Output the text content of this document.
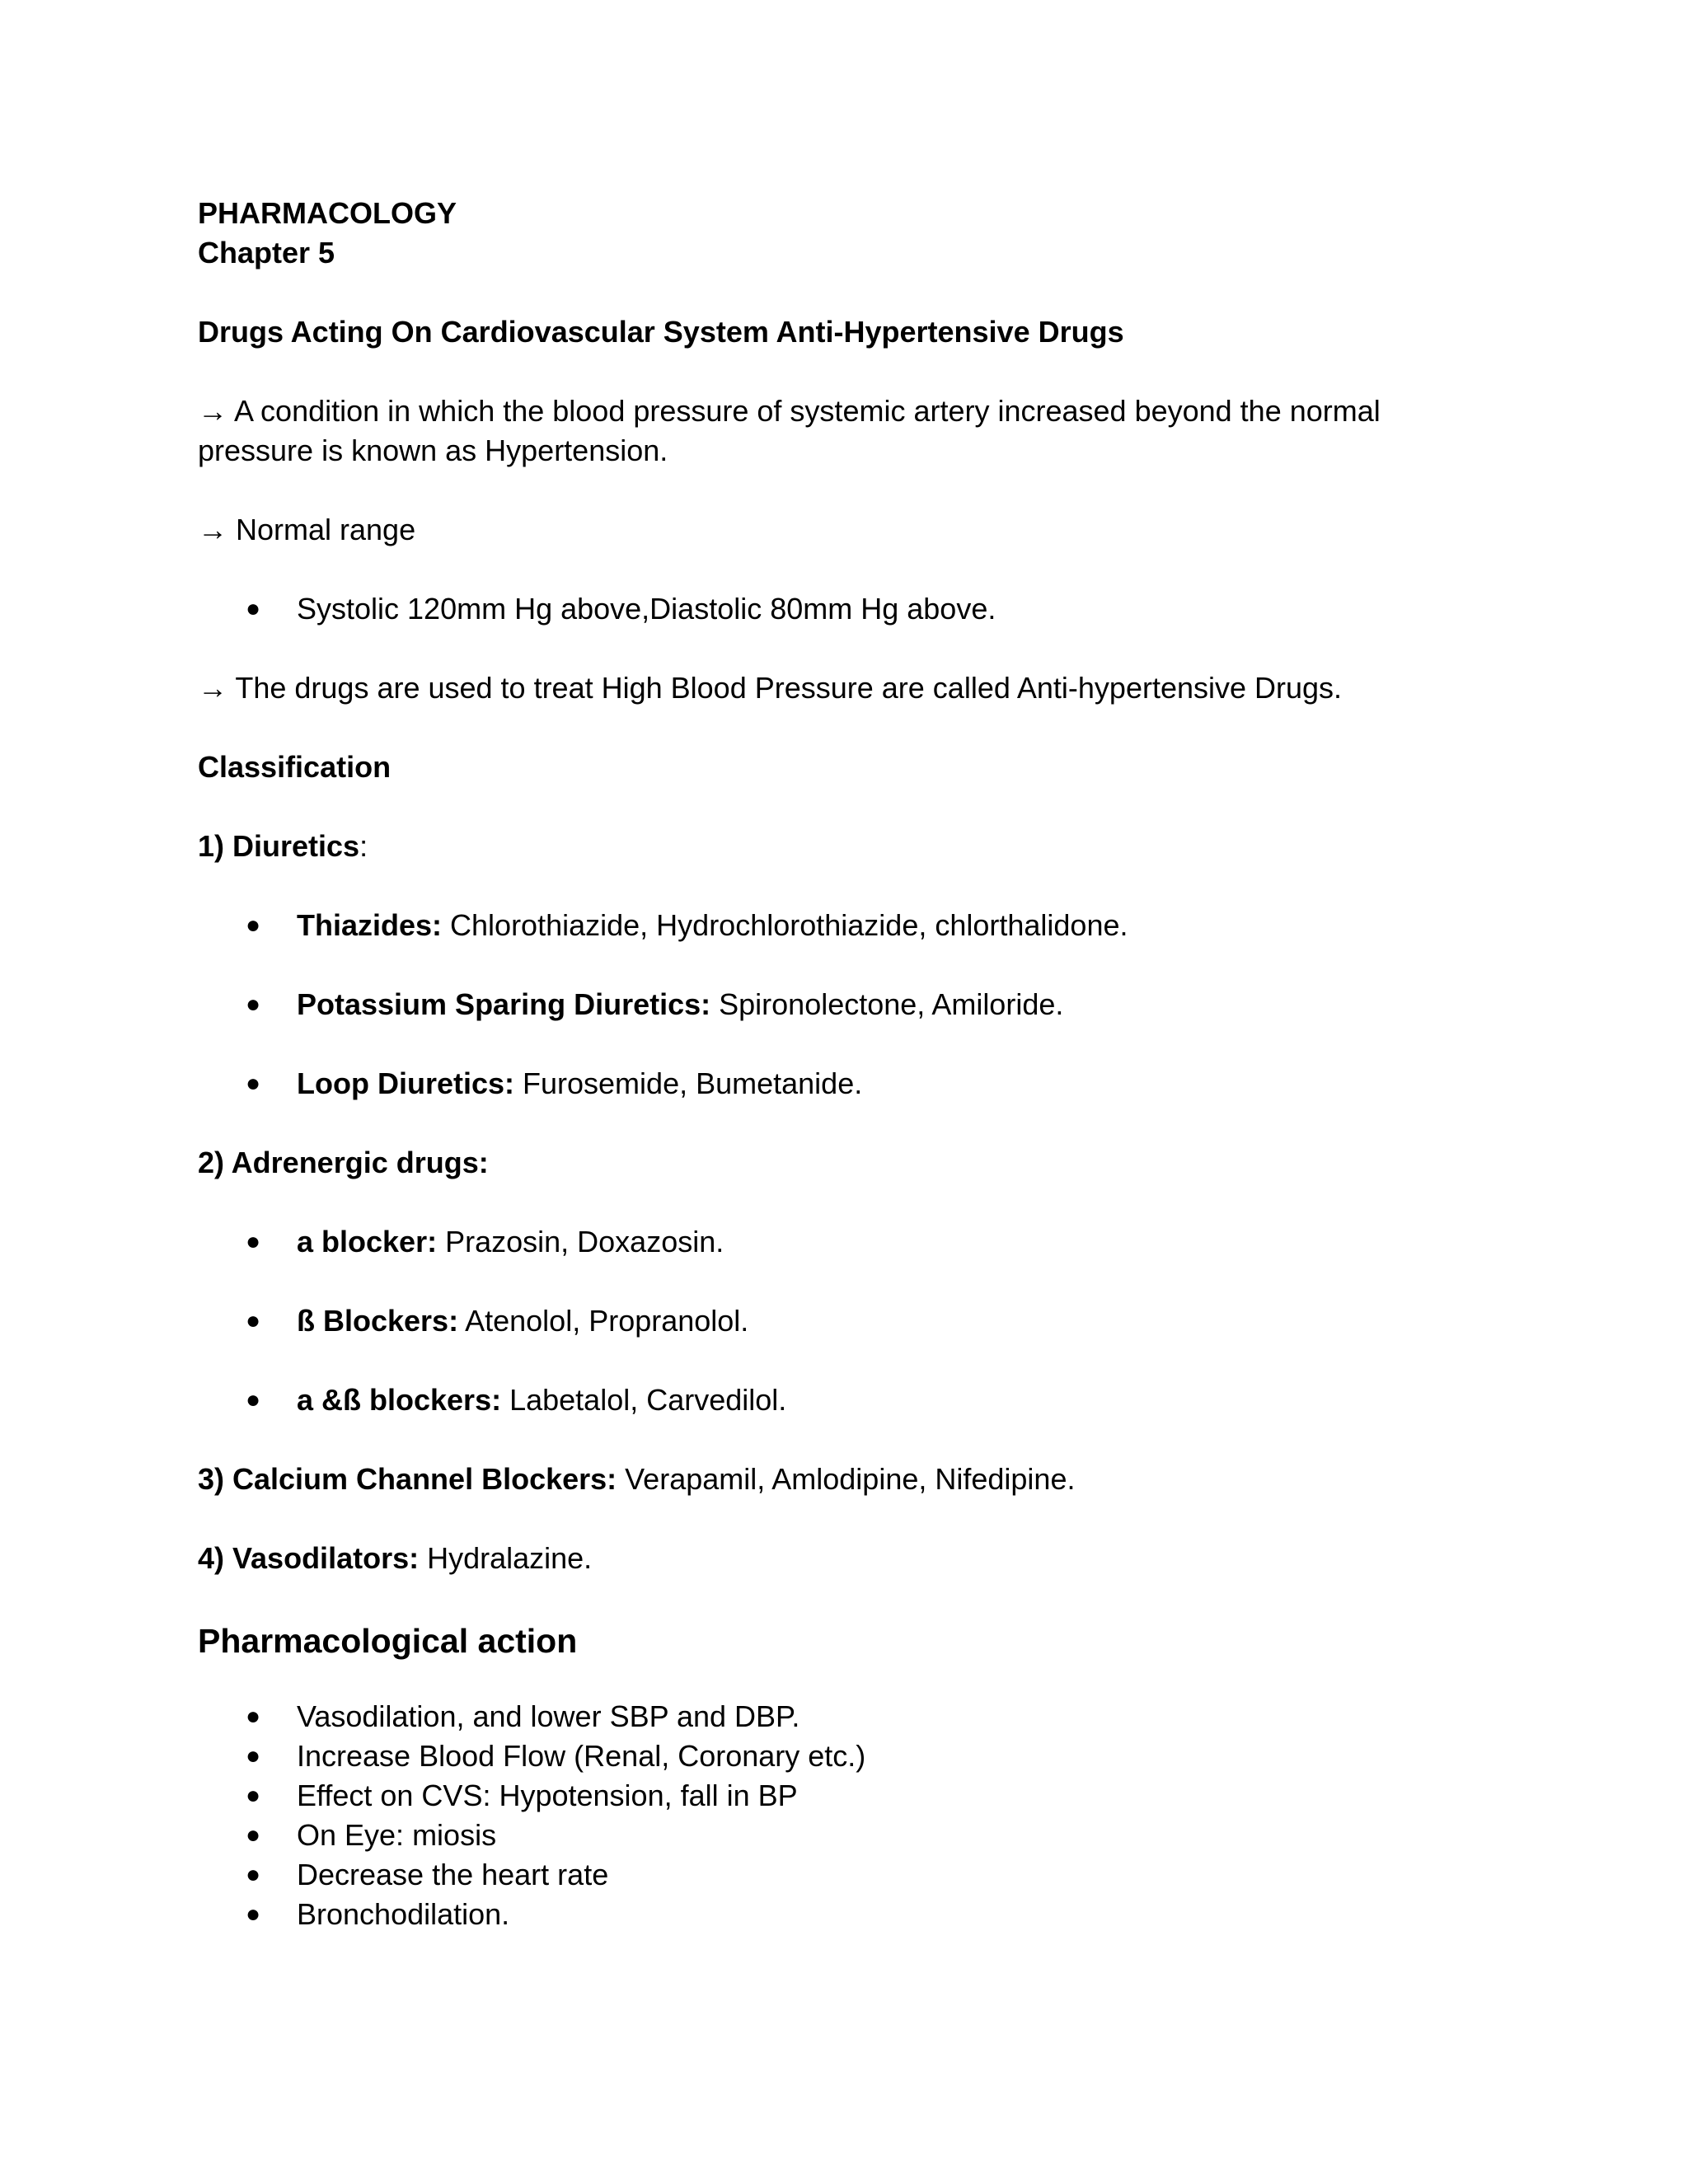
PHARMACOLOGY

Chapter 5

Drugs Acting On Cardiovascular System Anti-Hypertensive Drugs

→ A condition in which the blood pressure of systemic artery increased beyond the normal

pressure is known as Hypertension.

→ Normal range

● Systolic 120mm Hg above,Diastolic 80mm Hg above.

→ The drugs are used to treat High Blood Pressure are called Anti-hypertensive Drugs.

Classification

1) Diuretics:

● Thiazides: Chlorothiazide, Hydrochlorothiazide, chlorthalidone.

● Potassium Sparing Diuretics: Spironolectone, Amiloride.

● Loop Diuretics: Furosemide, Bumetanide.

2) Adrenergic drugs:

● a blocker: Prazosin, Doxazosin.

● ß Blockers: Atenolol, Propranolol.

● a &ß blockers: Labetalol, Carvedilol.

3) Calcium Channel Blockers: Verapamil, Amlodipine, Nifedipine.

4) Vasodilators: Hydralazine.

Pharmacological action

● Vasodilation, and lower SBP and DBP.

● Increase Blood Flow (Renal, Coronary etc.)

● Effect on CVS: Hypotension, fall in BP

● On Eye: miosis

● Decrease the heart rate

● Bronchodilation.
